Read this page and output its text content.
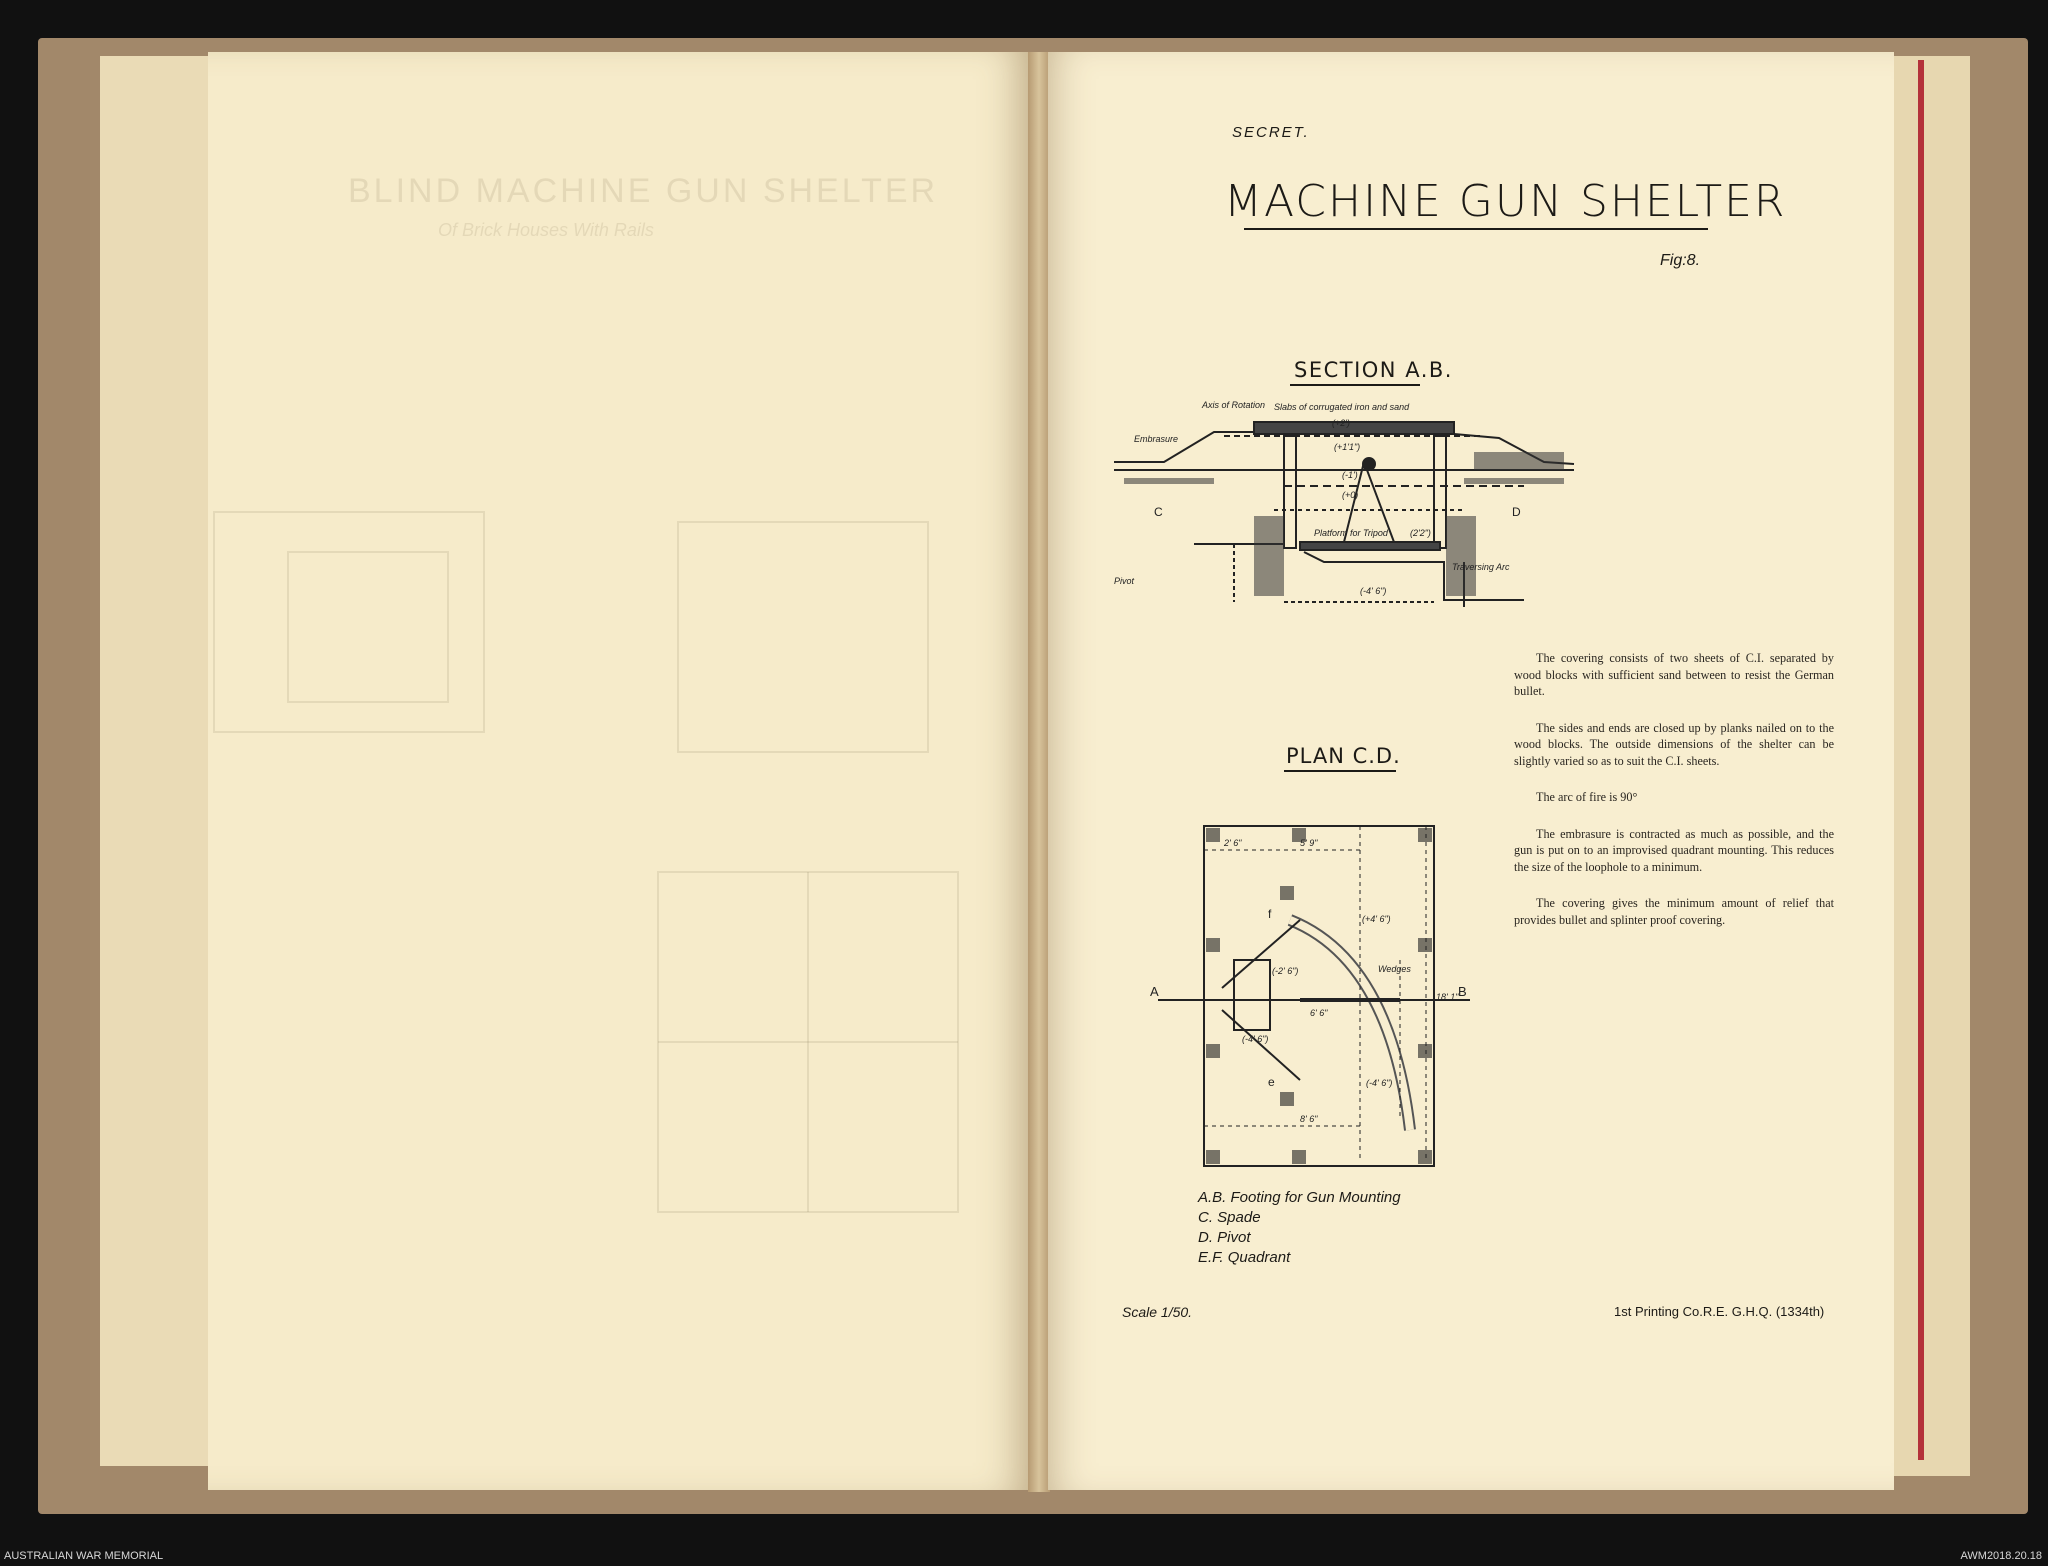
BLIND MACHINE GUN SHELTER
Of Brick Houses With Rails
SECRET.
MACHINE GUN SHELTER
Fig:8.
SECTION A.B.
Axis of Rotation Slabs of corrugated iron and sand
Embrasure
Platform for Tripod
Traversing Arc
Pivot
C	D
(+2')
(+1'1")
(-1')
(+0)
(2'2")
(-4' 6")
PLAN C.D.
A	B
f
e
Wedges
2' 6"	5' 9"
(+4' 6")
(-2' 6")
6' 6"
(-4' 6")
8' 6"
18' 1"
(-4' 6")

The covering consists of two sheets of C.I. separated by wood blocks with sufficient sand between to resist the German bullet.

The sides and ends are closed up by planks nailed on to the wood blocks. The outside dimensions of the shelter can be slightly varied so as to suit the C.I. sheets.

The arc of fire is 90°

The embrasure is contracted as much as possible, and the gun is put on to an improvised quadrant mounting. This reduces the size of the loophole to a minimum.

The covering gives the minimum amount of relief that provides bullet and splinter proof covering.

A.B. Footing for Gun Mounting
C. Spade
D. Pivot
E.F. Quadrant
Scale 1/50.	1st Printing Co.R.E. G.H.Q. (1334th)
AUSTRALIAN WAR MEMORIAL	AWM2018.20.18
